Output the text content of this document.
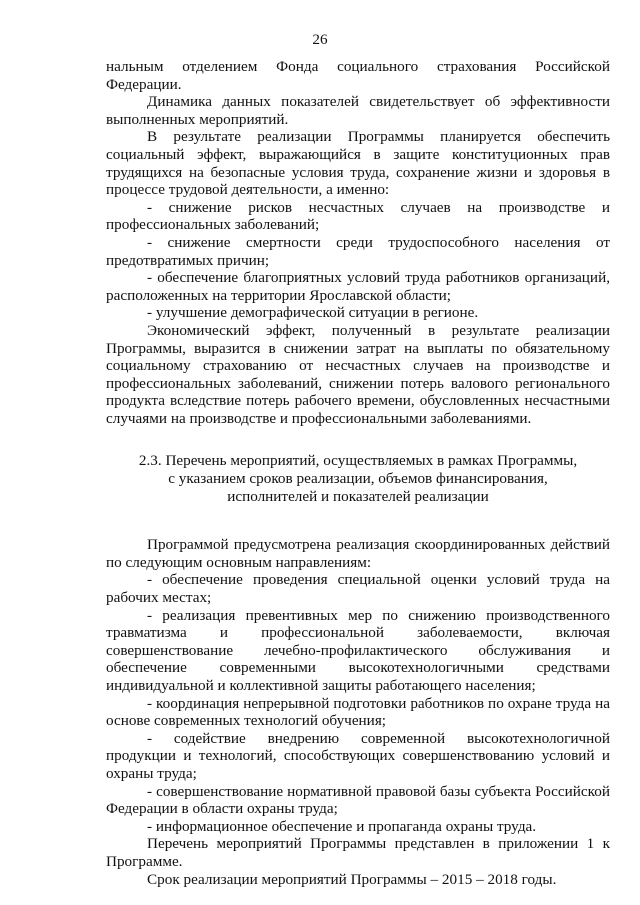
26

нальным отделением Фонда социального страхования Российской Федерации.

Динамика данных показателей свидетельствует об эффективности выполненных мероприятий.

В результате реализации Программы планируется обеспечить социальный эффект, выражающийся в защите конституционных прав трудящихся на безопасные условия труда, сохранение жизни и здоровья в процессе трудовой деятельности, а именно:

- снижение рисков несчастных случаев на производстве и профессиональных заболеваний;

- снижение смертности среди трудоспособного населения от предотвратимых причин;

- обеспечение благоприятных условий труда работников организаций, расположенных на территории Ярославской области;

- улучшение демографической ситуации в регионе.

Экономический эффект, полученный в результате реализации Программы, выразится в снижении затрат на выплаты по обязательному социальному страхованию от несчастных случаев на производстве и профессиональных заболеваний, снижении потерь валового регионального продукта вследствие потерь рабочего времени, обусловленных несчастными случаями на производстве и профессиональными заболеваниями.

2.3. Перечень мероприятий, осуществляемых в рамках Программы,
с указанием сроков реализации, объемов финансирования,
исполнителей и показателей реализации

Программой предусмотрена реализация скоординированных действий по следующим основным направлениям:

- обеспечение проведения специальной оценки условий труда на рабочих местах;

- реализация превентивных мер по снижению производственного травматизма и профессиональной заболеваемости, включая совершенствование лечебно-профилактического обслуживания и обеспечение современными высокотехнологичными средствами индивидуальной и коллективной защиты работающего населения;

- координация непрерывной подготовки работников по охране труда на основе современных технологий обучения;

- содействие внедрению современной высокотехнологичной продукции и технологий, способствующих совершенствованию условий и охраны труда;

- совершенствование нормативной правовой базы субъекта Российской Федерации в области охраны труда;

- информационное обеспечение и пропаганда охраны труда.

Перечень мероприятий Программы представлен в приложении 1 к Программе.

Срок реализации мероприятий Программы – 2015 – 2018 годы.
